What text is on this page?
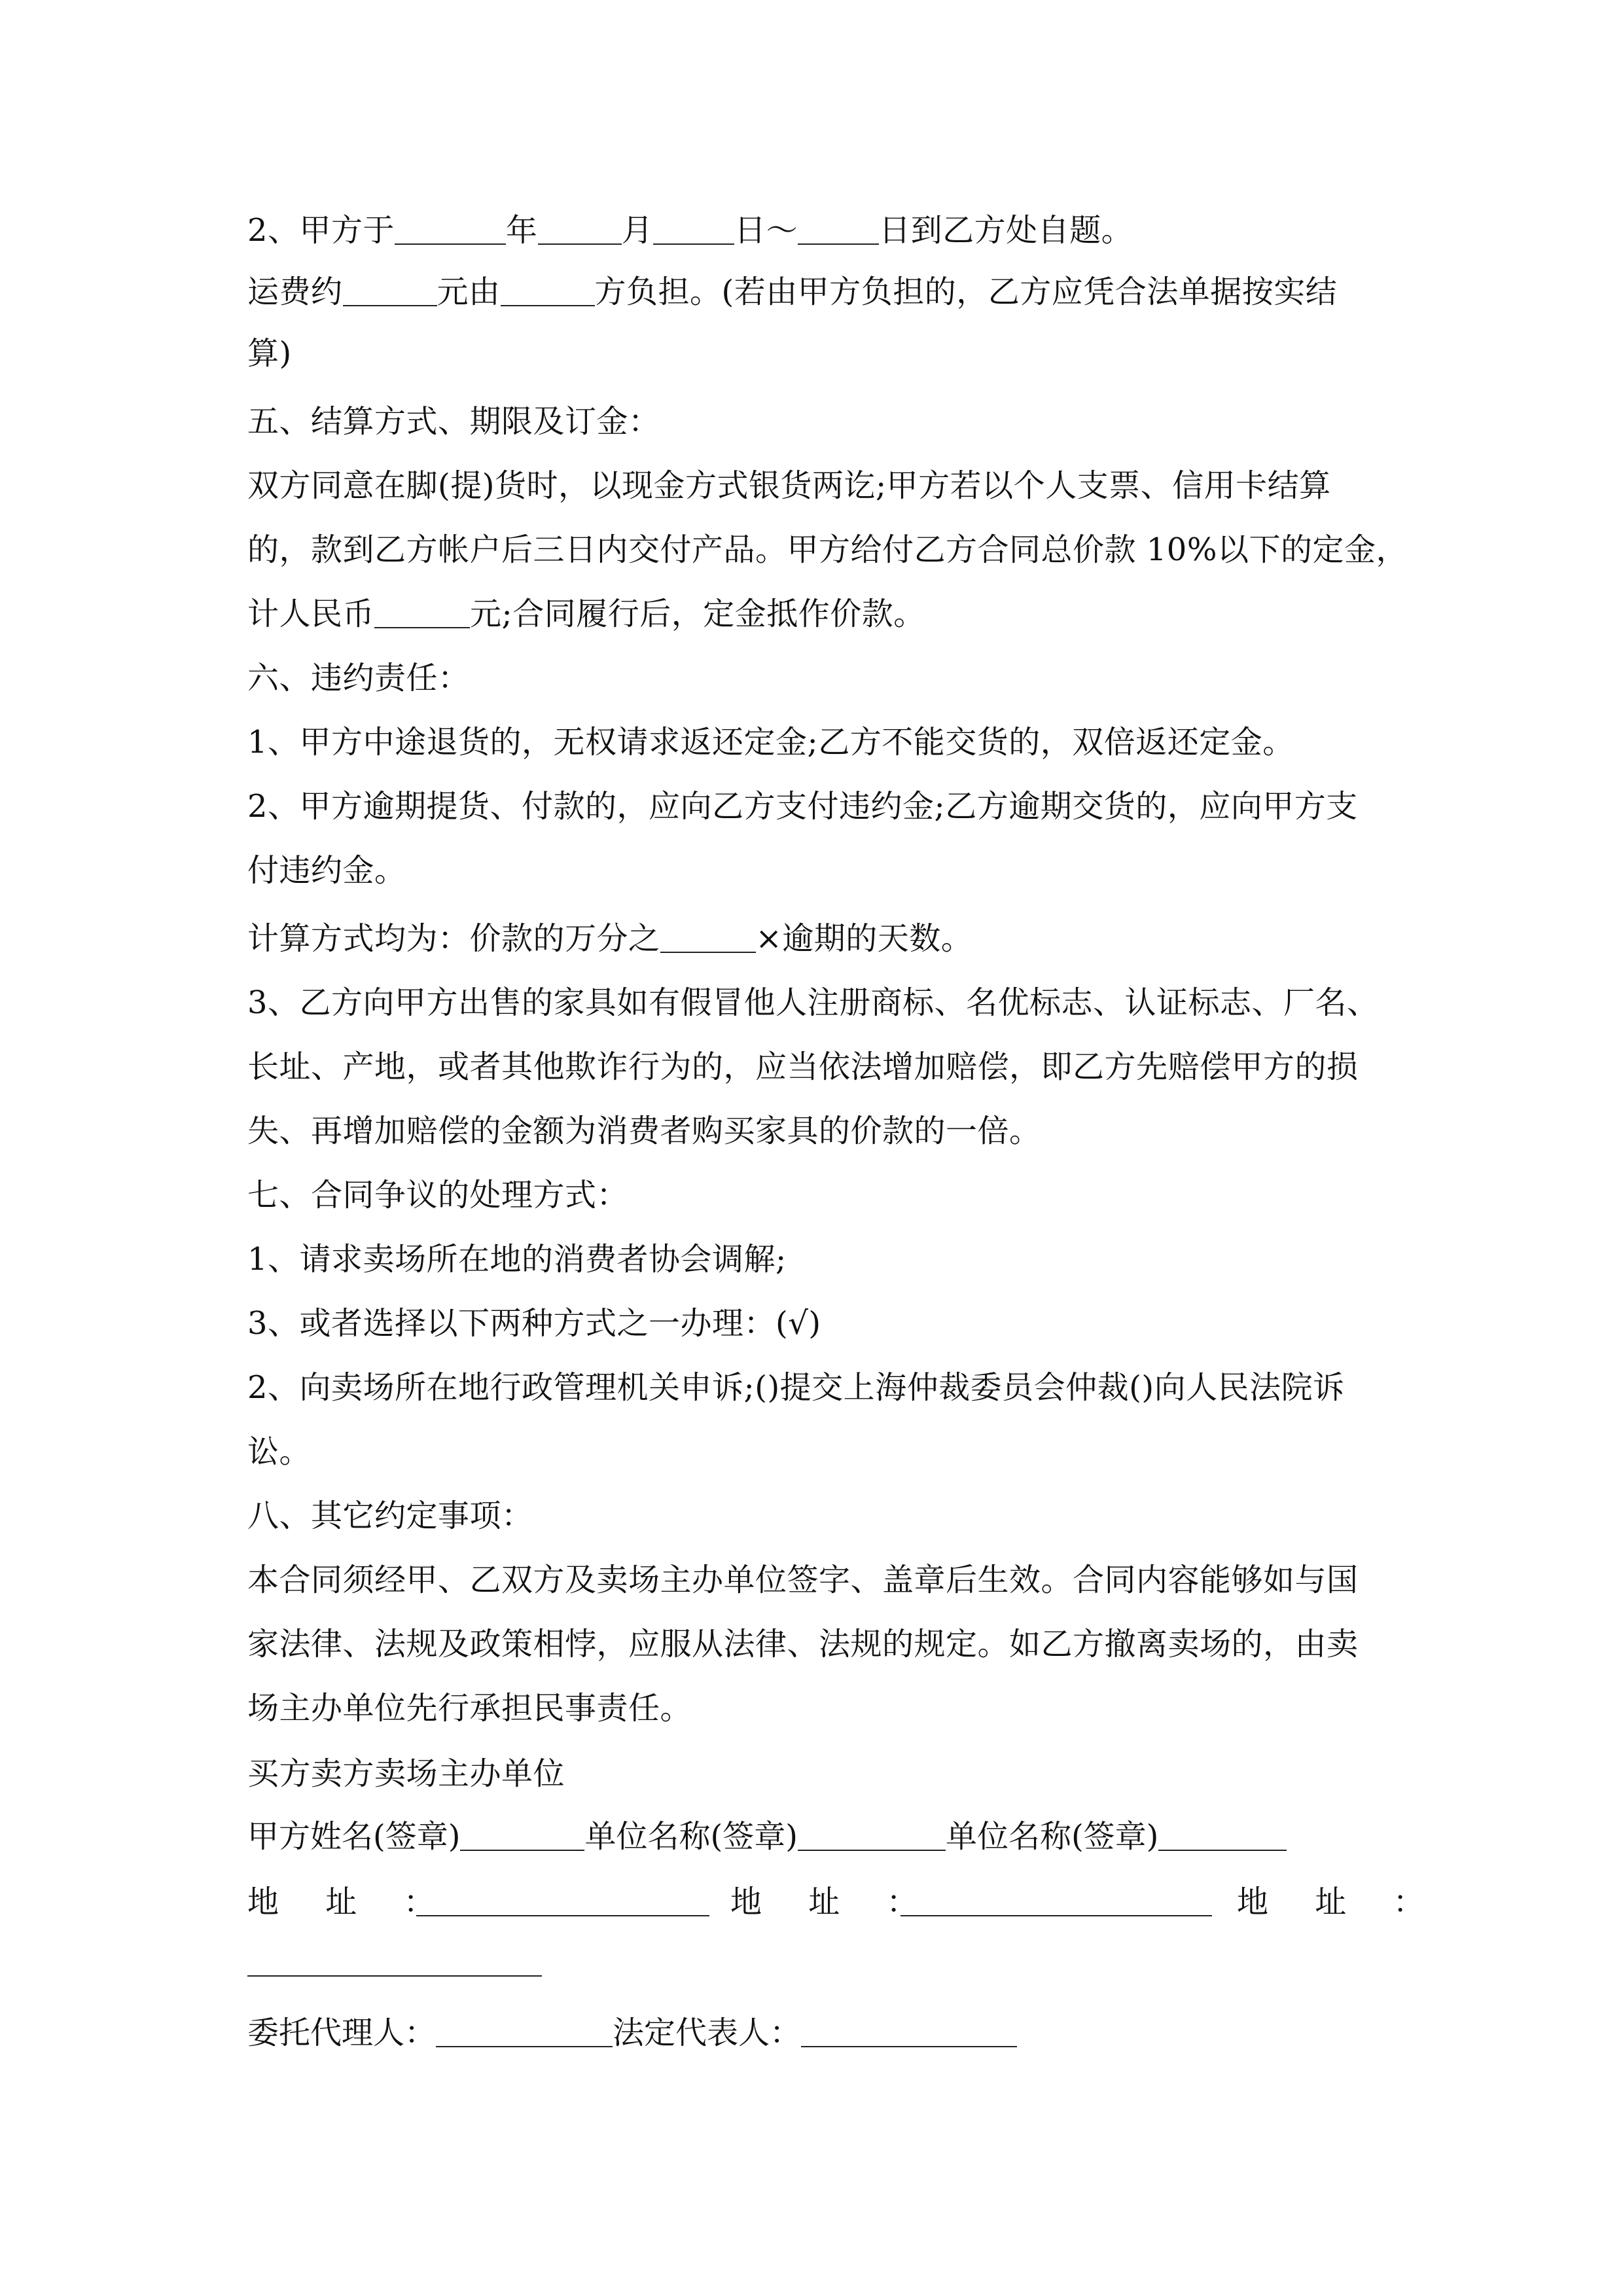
2、甲方于	年	月	日～	日到乙方处自题。
运费约	元由	方负担。(若由甲方负担的，乙方应凭合法单据按实结
算)
五、结算方式、期限及订金：
双方同意在脚(提)货时，以现金方式银货两讫;甲方若以个人支票、信用卡结算
的，款到乙方帐户后三日内交付产品。甲方给付乙方合同总价款 10%以下的定金，
计人民币	元;合同履行后，定金抵作价款。
六、违约责任：
1、甲方中途退货的，无权请求返还定金;乙方不能交货的，双倍返还定金。
2、甲方逾期提货、付款的，应向乙方支付违约金;乙方逾期交货的，应向甲方支
付违约金。
计算方式均为：价款的万分之	×逾期的天数。
3、乙方向甲方出售的家具如有假冒他人注册商标、名优标志、认证标志、厂名、
长址、产地，或者其他欺诈行为的，应当依法增加赔偿，即乙方先赔偿甲方的损
失、再增加赔偿的金额为消费者购买家具的价款的一倍。
七、合同争议的处理方式：
1、请求卖场所在地的消费者协会调解;
3、或者选择以下两种方式之一办理：(√)
2、向卖场所在地行政管理机关申诉;()提交上海仲裁委员会仲裁()向人民法院诉
讼。
八、其它约定事项：
本合同须经甲、乙双方及卖场主办单位签字、盖章后生效。合同内容能够如与国
家法律、法规及政策相悖，应服从法律、法规的规定。如乙方撤离卖场的，由卖
场主办单位先行承担民事责任。
买方卖方卖场主办单位
甲方姓名(签章)	单位名称(签章)	单位名称(签章)
地 址 ：	地 址 ：	地 址 ：
委托代理人：	法定代表人：
